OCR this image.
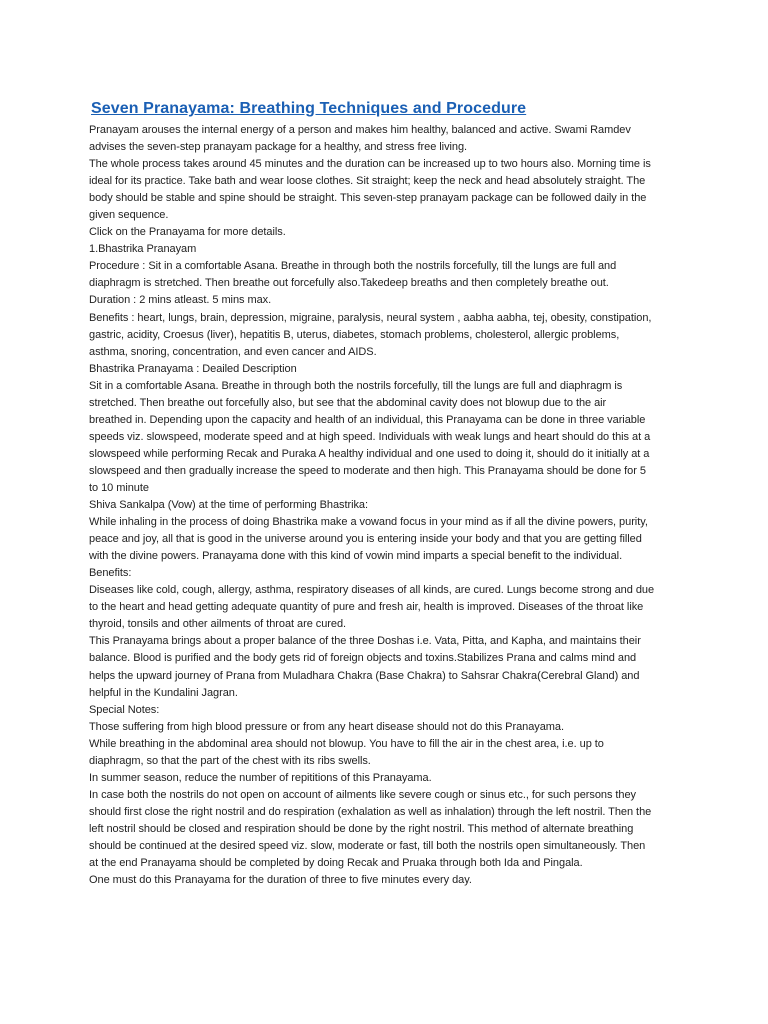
Seven Pranayama: Breathing Techniques and Procedure
Pranayam arouses the internal energy of a person and makes him healthy, balanced and active. Swami Ramdev
advises the seven-step pranayam package for a healthy, and stress free living.
The whole process takes around 45 minutes and the duration can be increased up to two hours also. Morning time is
ideal for its practice. Take bath and wear loose clothes. Sit straight; keep the neck and head absolutely straight. The
body should be stable and spine should be straight. This seven-step pranayam package can be followed daily in the
given sequence.
Click on the Pranayama for more details.
1.Bhastrika Pranayam
Procedure : Sit in a comfortable Asana. Breathe in through both the nostrils forcefully, till the lungs are full and
diaphragm is stretched. Then breathe out forcefully also.Takedeep breaths and then completely breathe out.
Duration : 2 mins atleast. 5 mins max.
Benefits : heart, lungs, brain, depression, migraine, paralysis, neural system , aabha aabha, tej, obesity, constipation,
gastric, acidity, Croesus (liver), hepatitis B, uterus, diabetes, stomach problems, cholesterol, allergic problems,
asthma, snoring, concentration, and even cancer and AIDS.
Bhastrika Pranayama : Deailed Description
Sit in a comfortable Asana. Breathe in through both the nostrils forcefully, till the lungs are full and diaphragm is
stretched. Then breathe out forcefully also, but see that the abdominal cavity does not blowup due to the air
breathed in. Depending upon the capacity and health of an individual, this Pranayama can be done in three variable
speeds viz. slowspeed, moderate speed and at high speed. Individuals with weak lungs and heart should do this at a
slowspeed while performing Recak and Puraka A healthy individual and one used to doing it, should do it initially at a
slowspeed and then gradually increase the speed to moderate and then high. This Pranayama should be done for 5
to 10 minute
Shiva Sankalpa (Vow) at the time of performing Bhastrika:
While inhaling in the process of doing Bhastrika make a vowand focus in your mind as if all the divine powers, purity,
peace and joy, all that is good in the universe around you is entering inside your body and that you are getting filled
with the divine powers. Pranayama done with this kind of vowin mind imparts a special benefit to the individual.
Benefits:
Diseases like cold, cough, allergy, asthma, respiratory diseases of all kinds, are cured. Lungs become strong and due
to the heart and head getting adequate quantity of pure and fresh air, health is improved. Diseases of the throat like
thyroid, tonsils and other ailments of throat are cured.
This Pranayama brings about a proper balance of the three Doshas i.e. Vata, Pitta, and Kapha, and maintains their
balance. Blood is purified and the body gets rid of foreign objects and toxins.Stabilizes Prana and calms mind and
helps the upward journey of Prana from Muladhara Chakra (Base Chakra) to Sahsrar Chakra(Cerebral Gland) and
helpful in the Kundalini Jagran.
Special Notes:
Those suffering from high blood pressure or from any heart disease should not do this Pranayama.
While breathing in the abdominal area should not blowup. You have to fill the air in the chest area, i.e. up to
diaphragm, so that the part of the chest with its ribs swells.
In summer season, reduce the number of repititions of this Pranayama.
In case both the nostrils do not open on account of ailments like severe cough or sinus etc., for such persons they
should first close the right nostril and do respiration (exhalation as well as inhalation) through the left nostril. Then the
left nostril should be closed and respiration should be done by the right nostril. This method of alternate breathing
should be continued at the desired speed viz. slow, moderate or fast, till both the nostrils open simultaneously. Then
at the end Pranayama should be completed by doing Recak and Pruaka through both Ida and Pingala.
One must do this Pranayama for the duration of three to five minutes every day.
